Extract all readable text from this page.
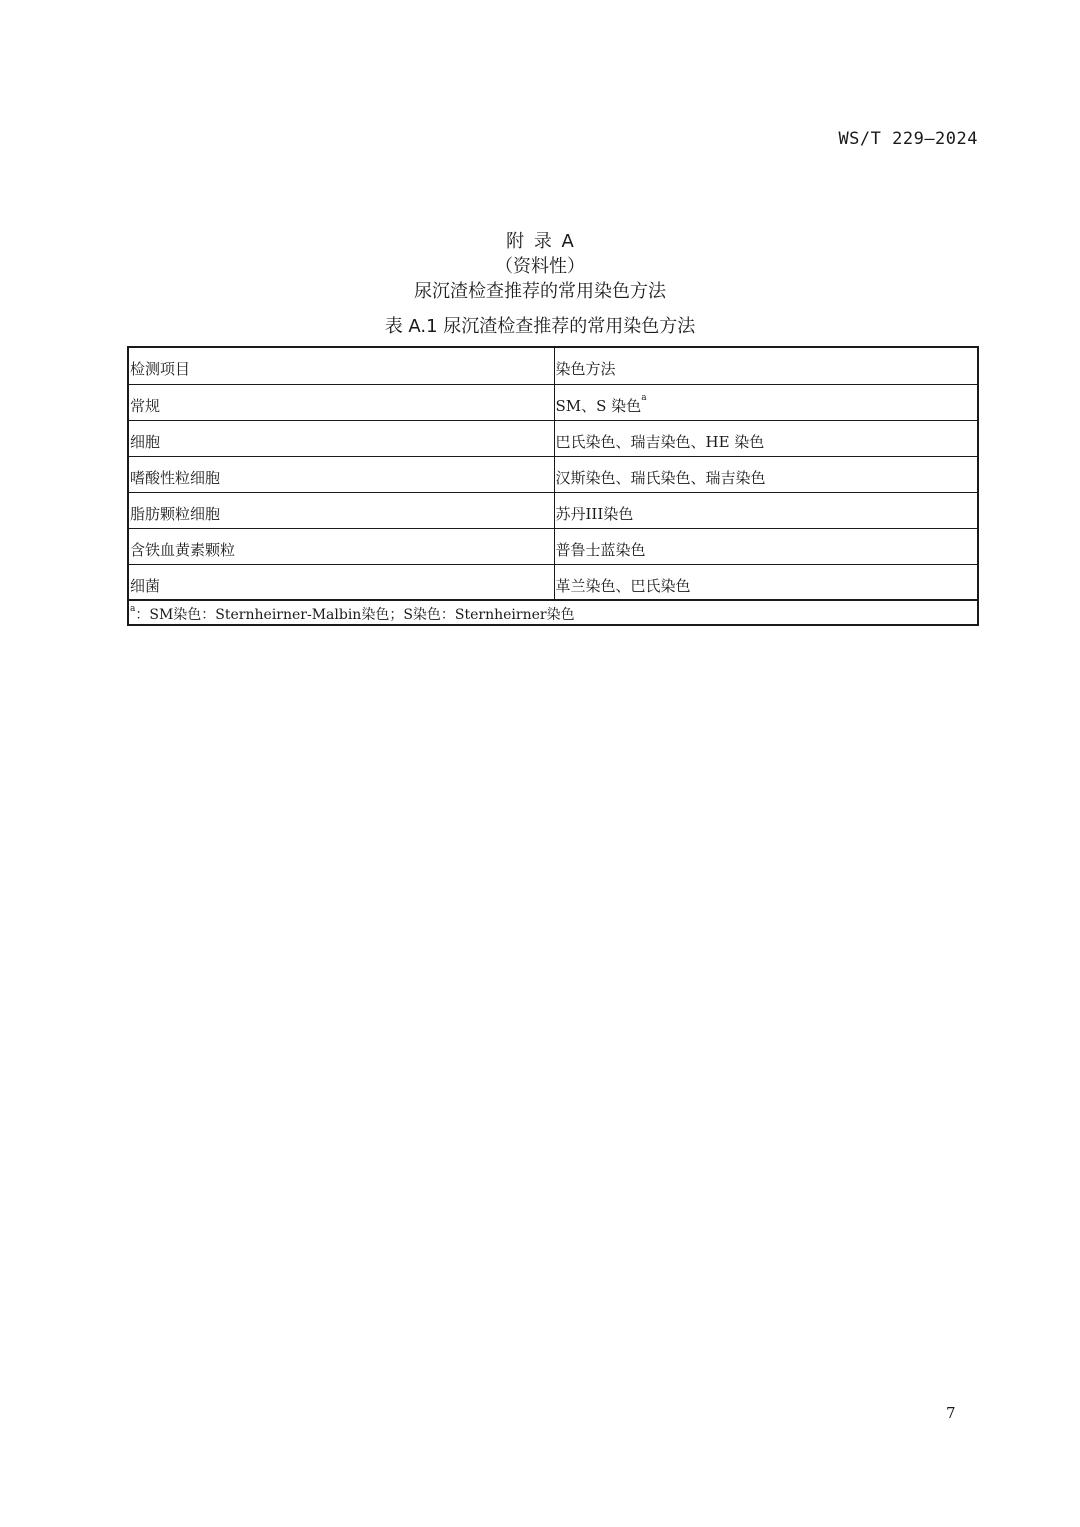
WS/T 229—2024
附 录 A
（资料性）
尿沉渣检查推荐的常用染色方法
表 A.1 尿沉渣检查推荐的常用染色方法
检测项目	染色方法
常规	SM、S 染色$^a$
细胞	巴氏染色、瑞吉染色、HE 染色
嗜酸性粒细胞	汉斯染色、瑞氏染色、瑞吉染色
脂肪颗粒细胞	苏丹III染色
含铁血黄素颗粒	普鲁士蓝染色
细菌	革兰染色、巴氏染色
$^a$：SM染色：Sternheirner-Malbin染色；S染色：Sternheirner染色	
7
